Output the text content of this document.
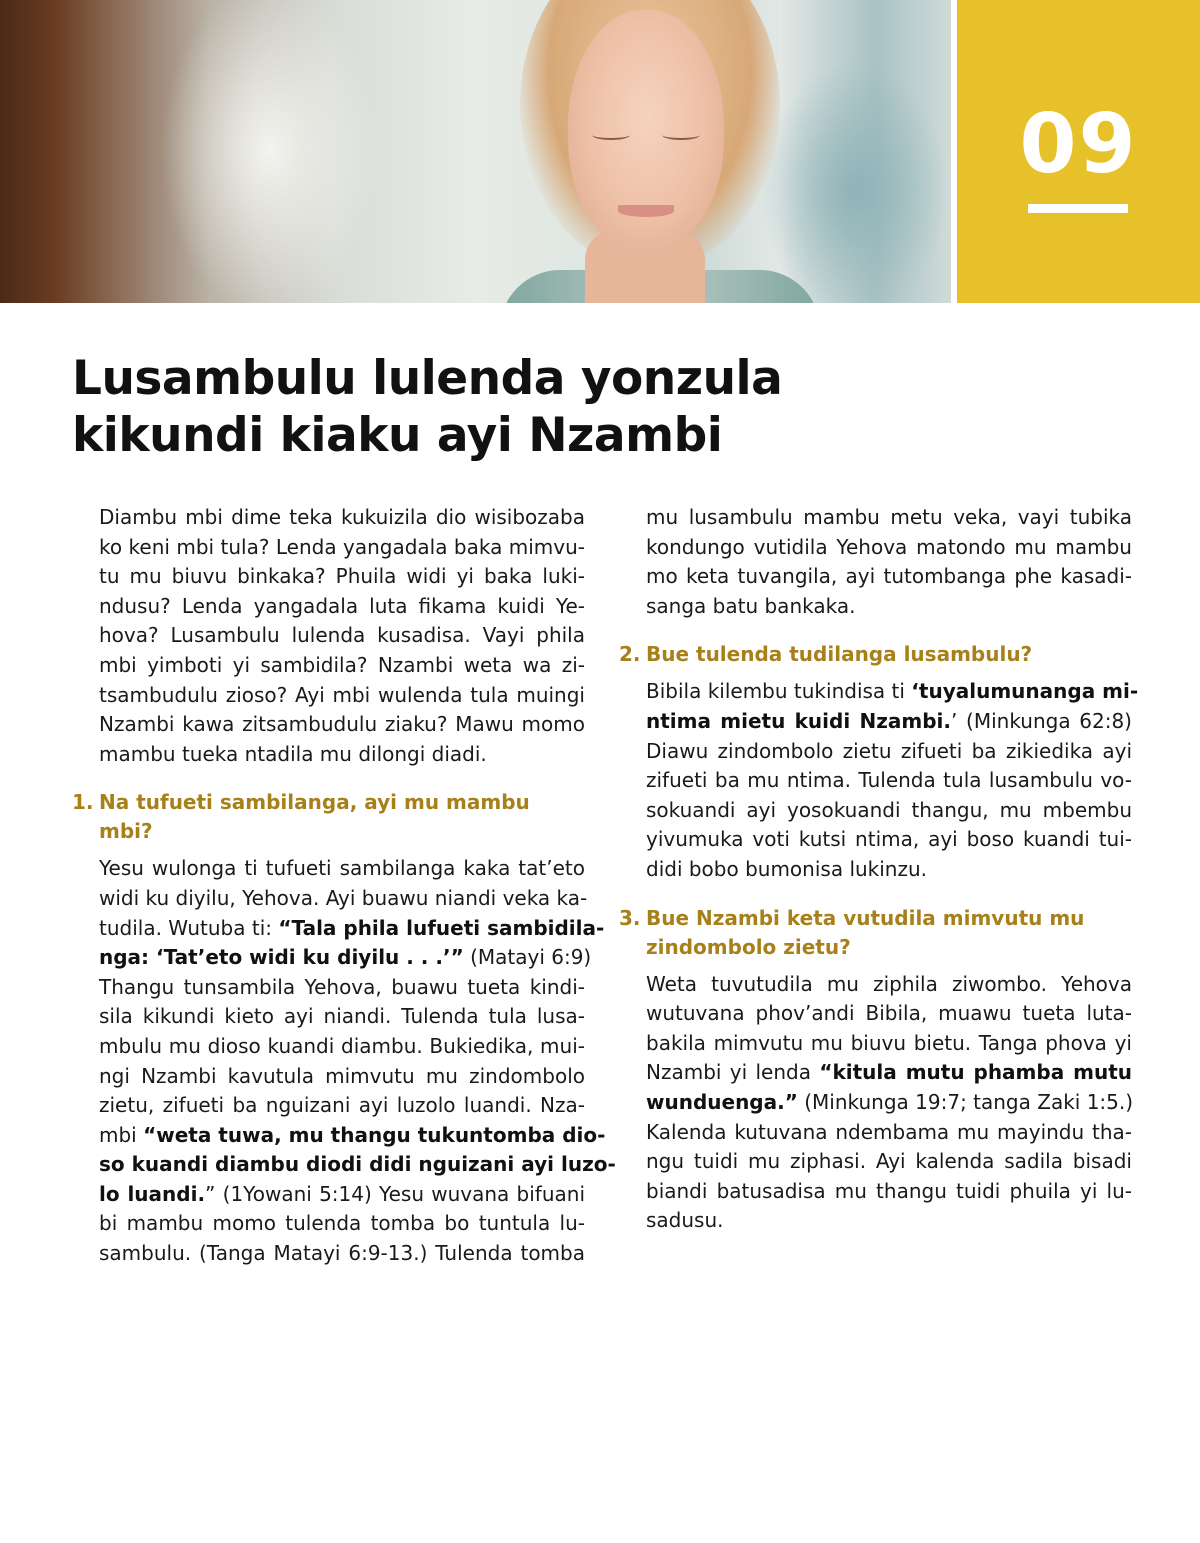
09
Lusambulu lulenda yonzula
kikundi kiaku ayi Nzambi
Diambu mbi dime teka kukuizila dio wisibozaba
ko keni mbi tula? Lenda yangadala baka mimvu-
tu mu biuvu binkaka? Phuila widi yi baka luki-
ndusu? Lenda yangadala luta fikama kuidi Ye-
hova? Lusambulu lulenda kusadisa. Vayi phila
mbi yimboti yi sambidila? Nzambi weta wa zi-
tsambudulu zioso? Ayi mbi wulenda tula muingi
Nzambi kawa zitsambudulu ziaku? Mawu momo
mambu tueka ntadila mu dilongi diadi.
1. Na tufueti sambilanga, ayi mu mambu mbi?
Yesu wulonga ti tufueti sambilanga kaka tat’eto
widi ku diyilu, Yehova. Ayi buawu niandi veka ka-
tudila. Wutuba ti: “Tala phila lufueti sambidila-
nga: ‘Tat’eto widi ku diyilu . . .’” (Matayi 6:9)
Thangu tunsambila Yehova, buawu tueta kindi-
sila kikundi kieto ayi niandi. Tulenda tula lusa-
mbulu mu dioso kuandi diambu. Bukiedika, mui-
ngi Nzambi kavutula mimvutu mu zindombolo
zietu, zifueti ba nguizani ayi luzolo luandi. Nza-
mbi “weta tuwa, mu thangu tukuntomba dio-
so kuandi diambu diodi didi nguizani ayi luzo-
lo luandi.” (1Yowani 5:14) Yesu wuvana bifuani
bi mambu momo tulenda tomba bo tuntula lu-
sambulu. (Tanga Matayi 6:9-13.) Tulenda tomba
mu lusambulu mambu metu veka, vayi tubika
kondungo vutidila Yehova matondo mu mambu
mo keta tuvangila, ayi tutombanga phe kasadi-
sanga batu bankaka.
2. Bue tulenda tudilanga lusambulu?
Bibila kilembu tukindisa ti ‘tuyalumunanga mi-
ntima mietu kuidi Nzambi.’ (Minkunga 62:8)
Diawu zindombolo zietu zifueti ba zikiedika ayi
zifueti ba mu ntima. Tulenda tula lusambulu vo-
sokuandi ayi yosokuandi thangu, mu mbembu
yivumuka voti kutsi ntima, ayi boso kuandi tui-
didi bobo bumonisa lukinzu.
3. Bue Nzambi keta vutudila mimvutu mu
zindombolo zietu?
Weta tuvutudila mu ziphila ziwombo. Yehova
wutuvana phov’andi Bibila, muawu tueta luta-
bakila mimvutu mu biuvu bietu. Tanga phova yi
Nzambi yi lenda “kitula mutu phamba mutu
wunduenga.” (Minkunga 19:7; tanga Zaki 1:5.)
Kalenda kutuvana ndembama mu mayindu tha-
ngu tuidi mu ziphasi. Ayi kalenda sadila bisadi
biandi batusadisa mu thangu tuidi phuila yi lu-
sadusu.
